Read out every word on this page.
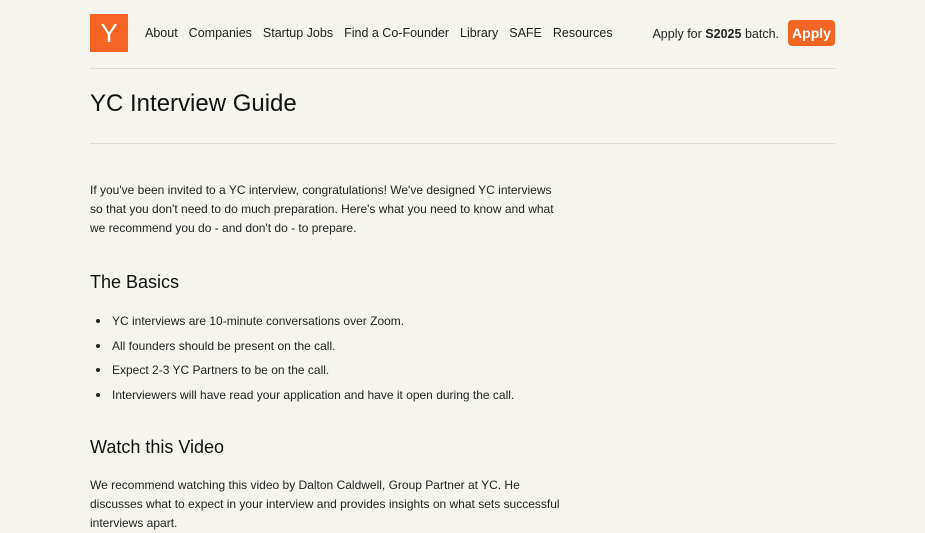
Y	About Companies Startup Jobs Find a Co-Founder Library SAFE Resources	Apply for S2025 batch. Apply
YC Interview Guide

If you've been invited to a YC interview, congratulations! We've designed YC interviews so that you don't need to do much preparation. Here's what you need to know and what we recommend you do - and don't do - to prepare.

The Basics
YC interviews are 10-minute conversations over Zoom.
All founders should be present on the call.
Expect 2-3 YC Partners to be on the call.
Interviewers will have read your application and have it open during the call.
Watch this Video

We recommend watching this video by Dalton Caldwell, Group Partner at YC. He discusses what to expect in your interview and provides insights on what sets successful interviews apart.
